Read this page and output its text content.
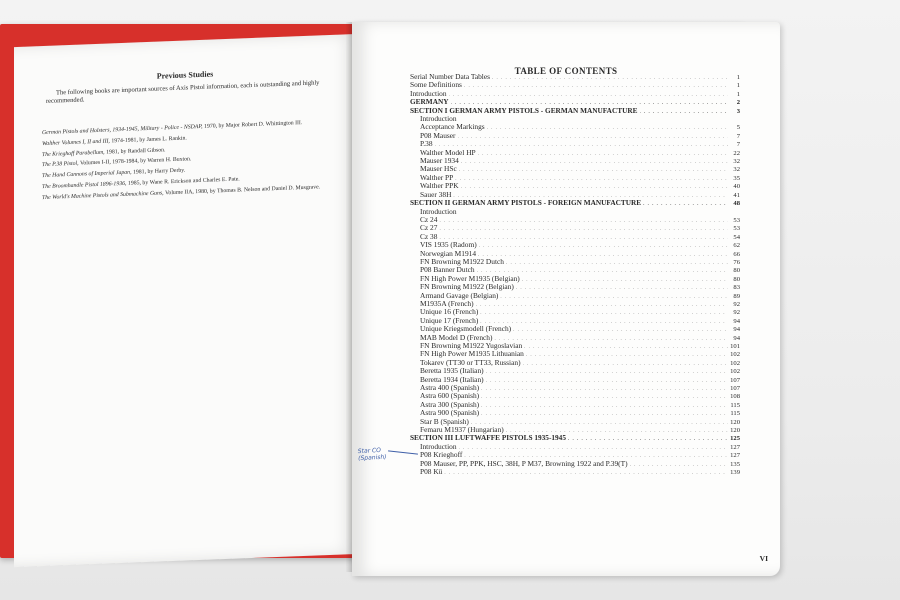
Previous Studies
The following books are important sources of Axis Pistol information, each is outstanding and highly recommended.
German Pistols and Holsters, 1934-1945, Military - Police - NSDAP, 1970, by Major Robert D. Whittington III.
Walther Volumes I, II and III, 1974-1981, by James L. Rankin.
The Krieghoff Parabellum, 1981, by Randall Gibson.
The P.38 Pistol, Volumes I-II, 1978-1984, by Warren H. Buxton.
The Hand Cannons of Imperial Japan, 1981, by Harry Derby.
The Broomhandle Pistol 1896-1936, 1985, by Wane R. Erickson and Charles E. Pate.
The World's Machine Pistols and Submachine Guns, Volume IIA, 1980, by Thomas B. Nelson and Daniel D. Musgrave.
TABLE OF CONTENTS
Serial Number Data Tables . . .	1
Some Definitions . . .	1
Introduction . . .	1
GERMANY . . .	2
SECTION I GERMAN ARMY PISTOLS - GERMAN MANUFACTURE . . .	3
Introduction
Acceptance Markings . . .	5
P08 Mauser . . .	7
P.38 . . .	7
Walther Model HP . . .	22
Mauser 1934 . . .	32
Mauser HSc . . .	32
Walther PP . . .	35
Walther PPK . . .	40
Sauer 38H . . .	41
SECTION II GERMAN ARMY PISTOLS - FOREIGN MANUFACTURE . . .	48
Introduction
Cz 24 . . .	53
Cz 27 . . .	53
Cz 38 . . .	54
VIS 1935 (Radom) . . .	62
Norwegian M1914 . . .	66
FN Browning M1922 Dutch . . .	76
P08 Banner Dutch . . .	80
FN High Power M1935 (Belgian) . . .	80
FN Browning M1922 (Belgian) . . .	83
Armand Gavage (Belgian) . . .	89
M1935A (French) . . .	92
Unique 16 (French) . . .	92
Unique 17 (French) . . .	94
Unique Kriegsmodell (French) . . .	94
MAB Model D (French) . . .	94
FN Browning M1922 Yugoslavian . . .	101
FN High Power M1935 Lithuanian . . .	102
Tokarev (TT30 or TT33, Russian) . . .	102
Beretta 1935 (Italian) . . .	102
Beretta 1934 (Italian) . . .	107
Astra 400 (Spanish) . . .	107
Astra 600 (Spanish) . . .	108
Astra 300 (Spanish) . . .	115
Astra 900 (Spanish) . . .	115
Star B (Spanish) . . .	120
Femaru M1937 (Hungarian) . . .	120
SECTION III LUFTWAFFE PISTOLS 1935-1945 . . .	125
Introduction . . .	127
P08 Krieghoff . . .	127
P08 Mauser, PP, PPK, HSC, 38H, P M37, Browning 1922 and P.39(T) . . .	135
P08 Kü . . .	139
Star CO
(Spanish)
VI
